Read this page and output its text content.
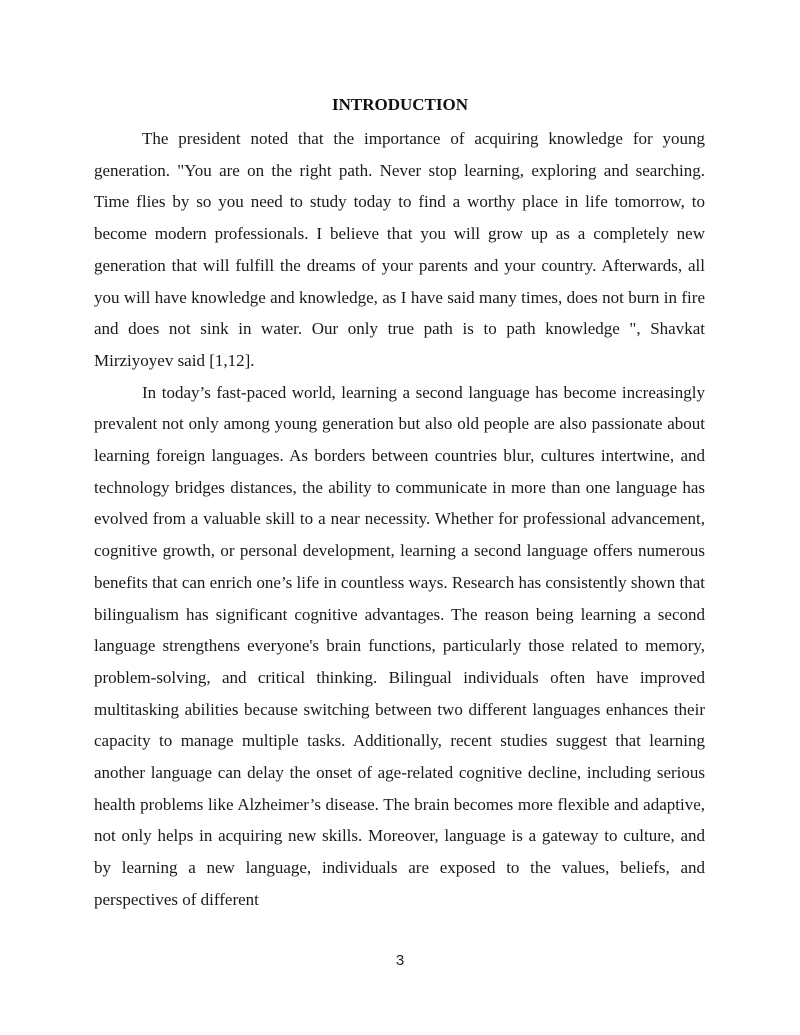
INTRODUCTION

The president noted that the importance of acquiring knowledge for young generation. "You are on the right path. Never stop learning, exploring and searching. Time flies by so you need to study today to find a worthy place in life tomorrow, to become modern professionals. I believe that you will grow up as a completely new generation that will fulfill the dreams of your parents and your country. Afterwards, all you will have knowledge and knowledge, as I have said many times, does not burn in fire and does not sink in water. Our only true path is to path knowledge ", Shavkat Mirziyoyev said [1,12].

In today’s fast-paced world, learning a second language has become increasingly prevalent not only among young generation but also old people are also passionate about learning foreign languages. As borders between countries blur, cultures intertwine, and technology bridges distances, the ability to communicate in more than one language has evolved from a valuable skill to a near necessity. Whether for professional advancement, cognitive growth, or personal development, learning a second language offers numerous benefits that can enrich one’s life in countless ways. Research has consistently shown that bilingualism has significant cognitive advantages. The reason being learning a second language strengthens everyone's brain functions, particularly those related to memory, problem-solving, and critical thinking. Bilingual individuals often have improved multitasking abilities because switching between two different languages enhances their capacity to manage multiple tasks. Additionally, recent studies suggest that learning another language can delay the onset of age-related cognitive decline, including serious health problems like Alzheimer’s disease. The brain becomes more flexible and adaptive, not only helps in acquiring new skills. Moreover, language is a gateway to culture, and by learning a new language, individuals are exposed to the values, beliefs, and perspectives of different

3
